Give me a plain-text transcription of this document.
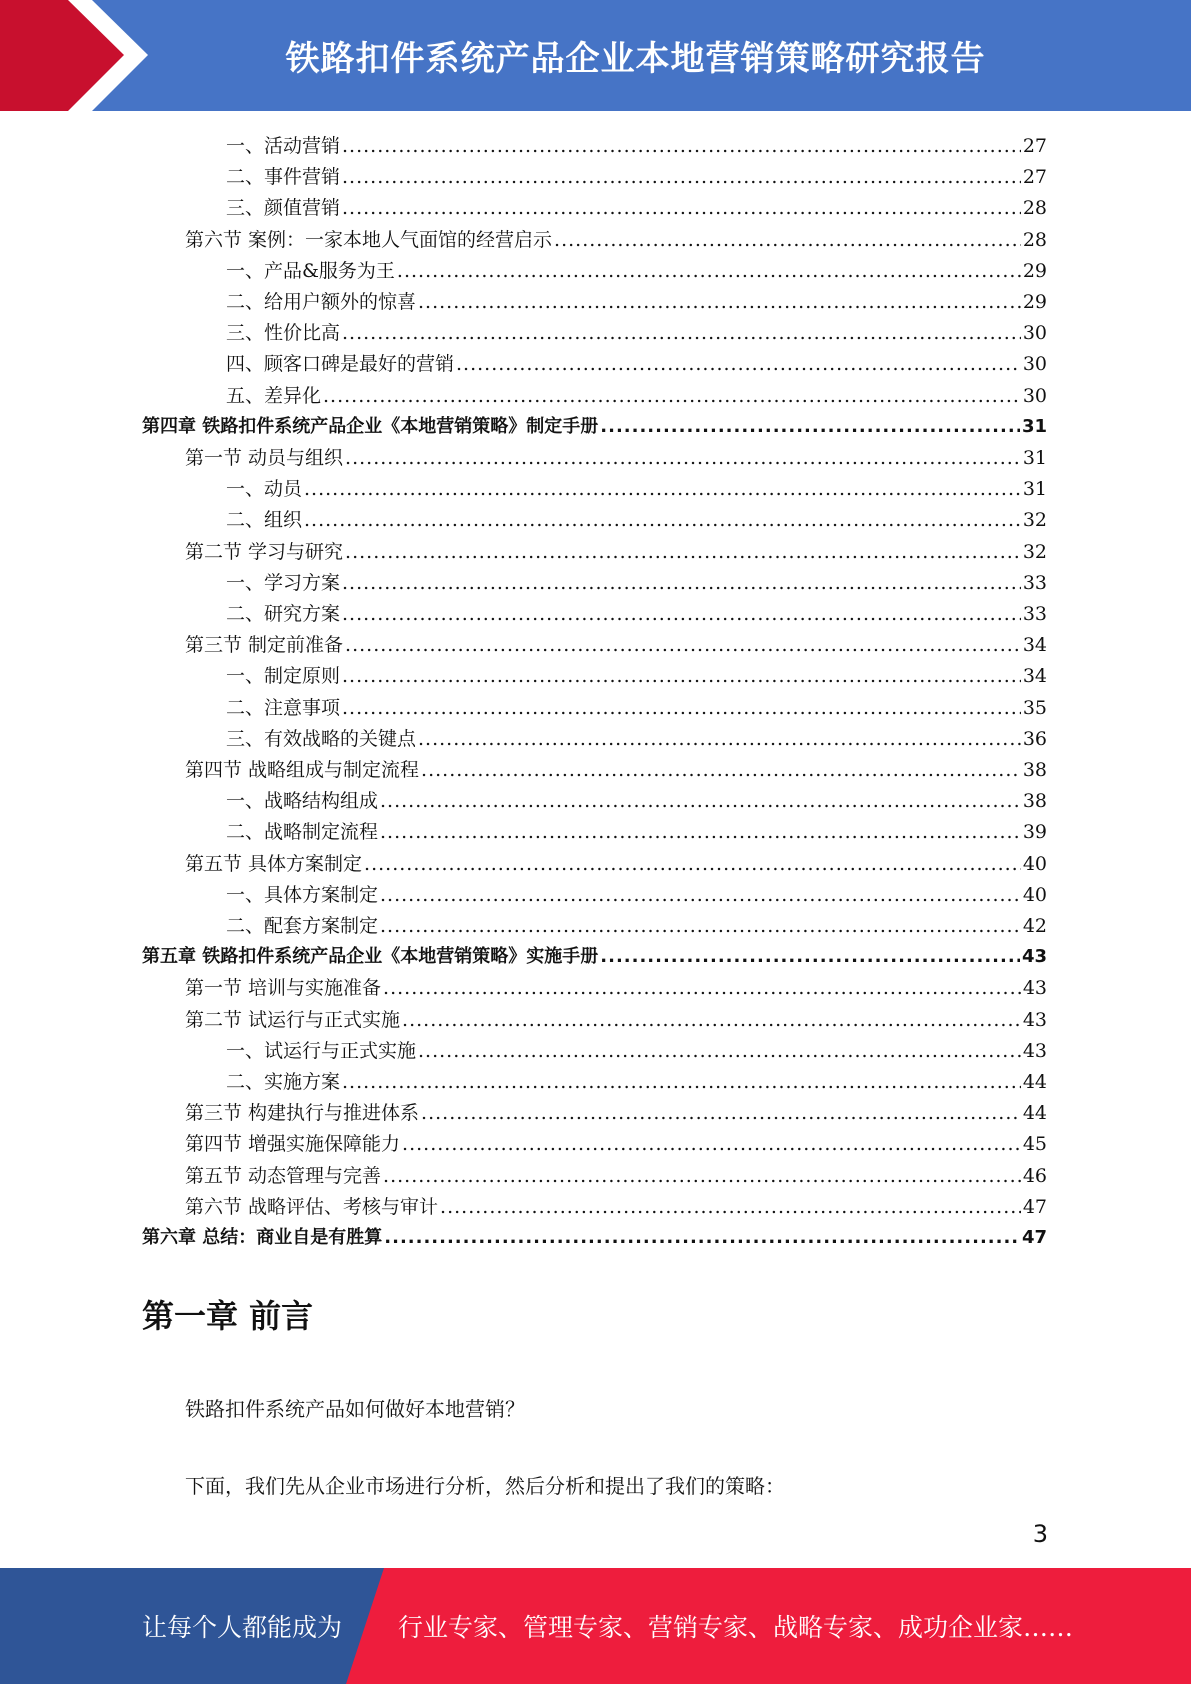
铁路扣件系统产品企业本地营销策略研究报告
一、活动营销 .....	27
二、事件营销 .....	27
三、颜值营销 .....	28
第六节 案例：一家本地人气面馆的经营启示 .....	28
一、产品&服务为王 .....	29
二、给用户额外的惊喜 .....	29
三、性价比高 .....	30
四、顾客口碑是最好的营销 .....	30
五、差异化 .....	30
第四章 铁路扣件系统产品企业《本地营销策略》制定手册 .....	31
第一节 动员与组织 .....	31
一、动员 .....	31
二、组织 .....	32
第二节 学习与研究 .....	32
一、学习方案 .....	33
二、研究方案 .....	33
第三节 制定前准备 .....	34
一、制定原则 .....	34
二、注意事项 .....	35
三、有效战略的关键点 .....	36
第四节 战略组成与制定流程 .....	38
一、战略结构组成 .....	38
二、战略制定流程 .....	39
第五节 具体方案制定 .....	40
一、具体方案制定 .....	40
二、配套方案制定 .....	42
第五章 铁路扣件系统产品企业《本地营销策略》实施手册 .....	43
第一节 培训与实施准备 .....	43
第二节 试运行与正式实施 .....	43
一、试运行与正式实施 .....	43
二、实施方案 .....	44
第三节 构建执行与推进体系 .....	44
第四节 增强实施保障能力 .....	45
第五节 动态管理与完善 .....	46
第六节 战略评估、考核与审计 .....	47
第六章 总结：商业自是有胜算 .....	47
第一章 前言
铁路扣件系统产品如何做好本地营销？
下面，我们先从企业市场进行分析，然后分析和提出了我们的策略：
3
让每个人都能成为 行业专家、管理专家、营销专家、战略专家、成功企业家……
